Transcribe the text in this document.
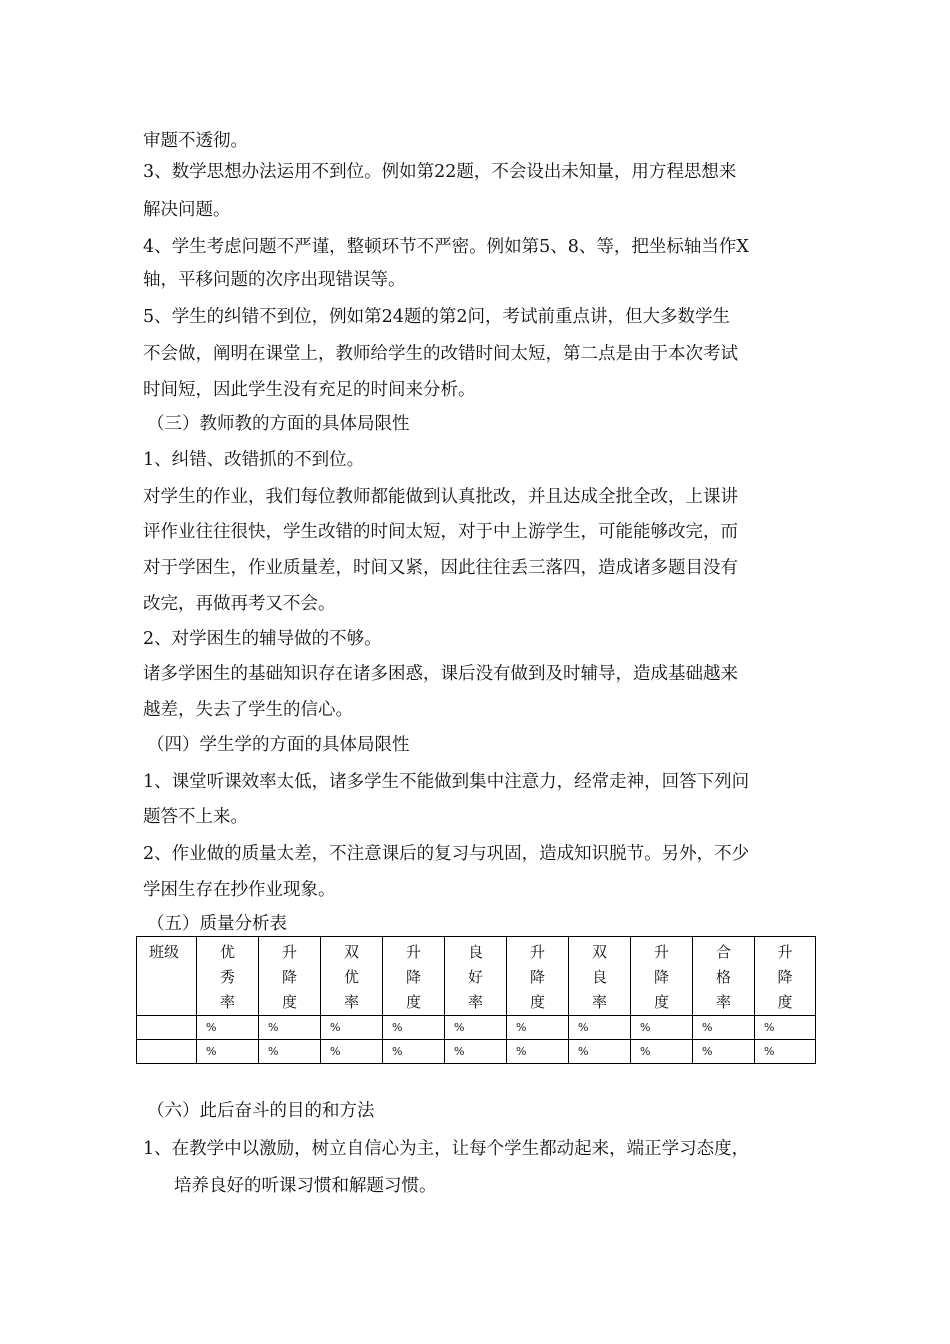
审题不透彻。
3、数学思想办法运用不到位。例如第22题，不会设出未知量，用方程思想来
解决问题。
4、学生考虑问题不严谨，整顿环节不严密。例如第5、8、等，把坐标轴当作X
轴，平移问题的次序出现错误等。
5、学生的纠错不到位，例如第24题的第2问，考试前重点讲，但大多数学生
不会做，阐明在课堂上，教师给学生的改错时间太短，第二点是由于本次考试
时间短，因此学生没有充足的时间来分析。
（三）教师教的方面的具体局限性
1、纠错、改错抓的不到位。
对学生的作业，我们每位教师都能做到认真批改，并且达成全批全改，上课讲
评作业往往很快，学生改错的时间太短，对于中上游学生，可能能够改完，而
对于学困生，作业质量差，时间又紧，因此往往丢三落四，造成诸多题目没有
改完，再做再考又不会。
2、对学困生的辅导做的不够。
诸多学困生的基础知识存在诸多困惑，课后没有做到及时辅导，造成基础越来
越差，失去了学生的信心。
（四）学生学的方面的具体局限性
1、课堂听课效率太低，诸多学生不能做到集中注意力，经常走神，回答下列问
题答不上来。
2、作业做的质量太差，不注意课后的复习与巩固，造成知识脱节。另外，不少
学困生存在抄作业现象。
（五）质量分析表
班级	优秀率	升降度	双优率	升降度	良好率	升降度	双良率	升降度	合格率	升降度

	%	%	%	%	%	%	%	%	%	%
	%	%	%	%	%	%	%	%	%	%
（六）此后奋斗的目的和方法
1、在教学中以激励，树立自信心为主，让每个学生都动起来，端正学习态度，
培养良好的听课习惯和解题习惯。
